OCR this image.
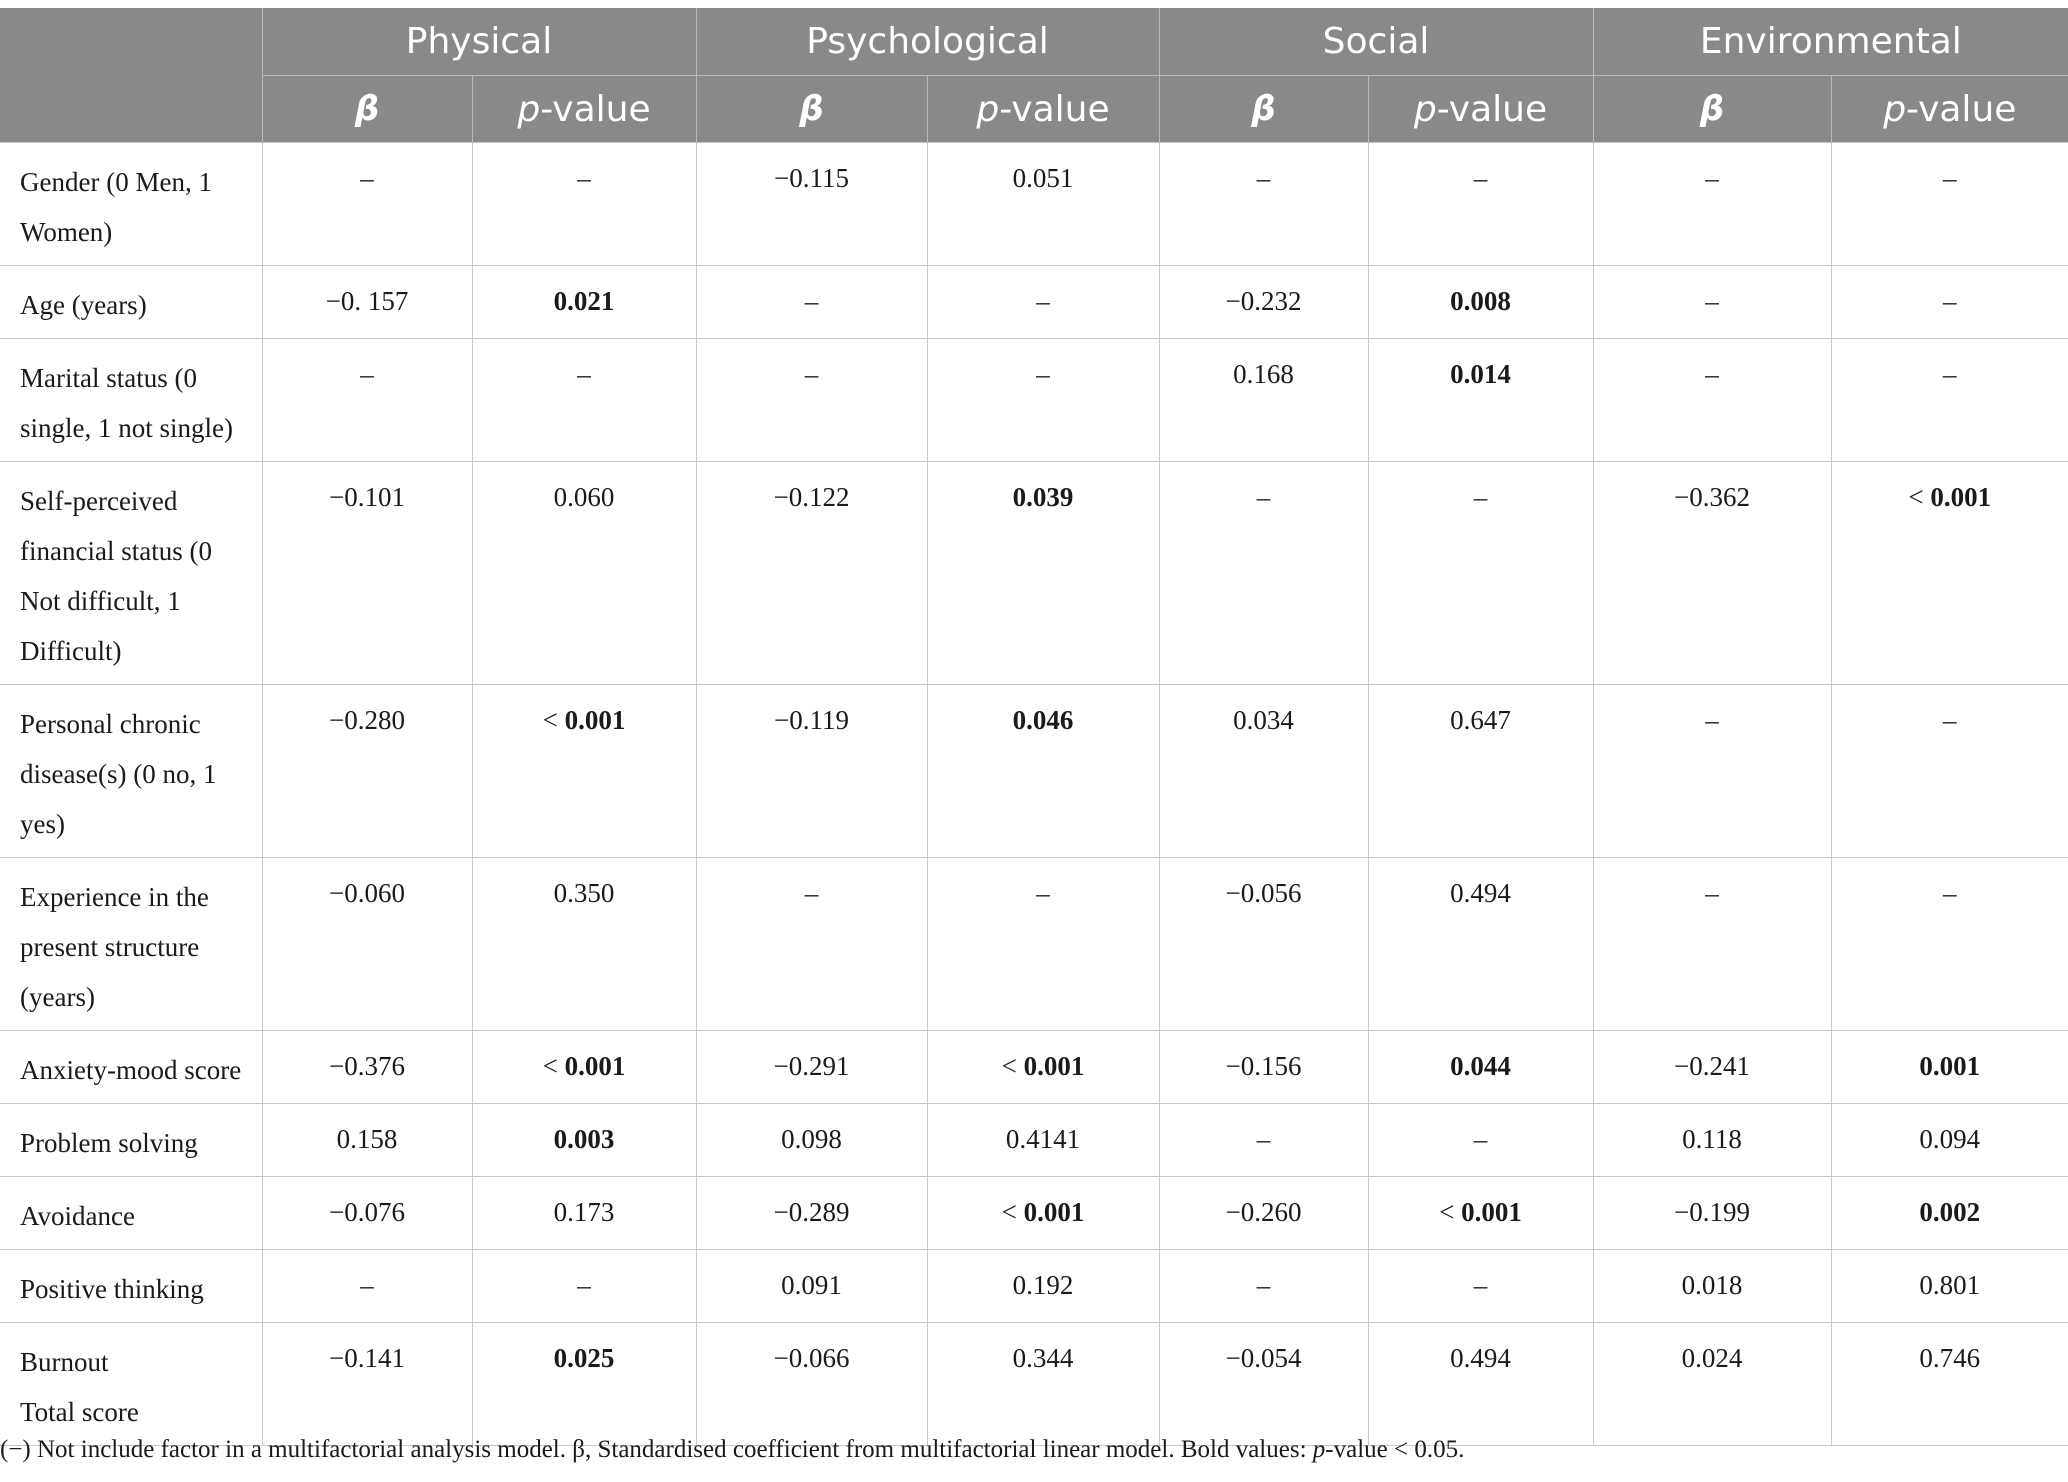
	Physical		Psychological		Social		Environmental	
	β	p-value	β	p-value	β	p-value	β	p-value
Gender (0 Men, 1 Women)	–	–	−0.115	0.051	–	–	–	–
Age (years)	−0. 157	0.021	–	–	−0.232	0.008	–	–
Marital status (0 single, 1 not single)	–	–	–	–	0.168	0.014	–	–
Self-perceived financial status (0 Not difficult, 1 Difficult)	−0.101	0.060	−0.122	0.039	–	–	−0.362	< 0.001
Personal chronic disease(s) (0 no, 1 yes)	−0.280	< 0.001	−0.119	0.046	0.034	0.647	–	–
Experience in the present structure (years)	−0.060	0.350	–	–	−0.056	0.494	–	–
Anxiety-mood score	−0.376	< 0.001	−0.291	< 0.001	−0.156	0.044	−0.241	0.001
Problem solving	0.158	0.003	0.098	0.4141	–	–	0.118	0.094
Avoidance	−0.076	0.173	−0.289	< 0.001	−0.260	< 0.001	−0.199	0.002
Positive thinking	–	–	0.091	0.192	–	–	0.018	0.801
Burnout
Total score	−0.141	0.025	−0.066	0.344	−0.054	0.494	0.024	0.746
(−) Not include factor in a multifactorial analysis model. β, Standardised coefficient from multifactorial linear model. Bold values: p-value < 0.05.
